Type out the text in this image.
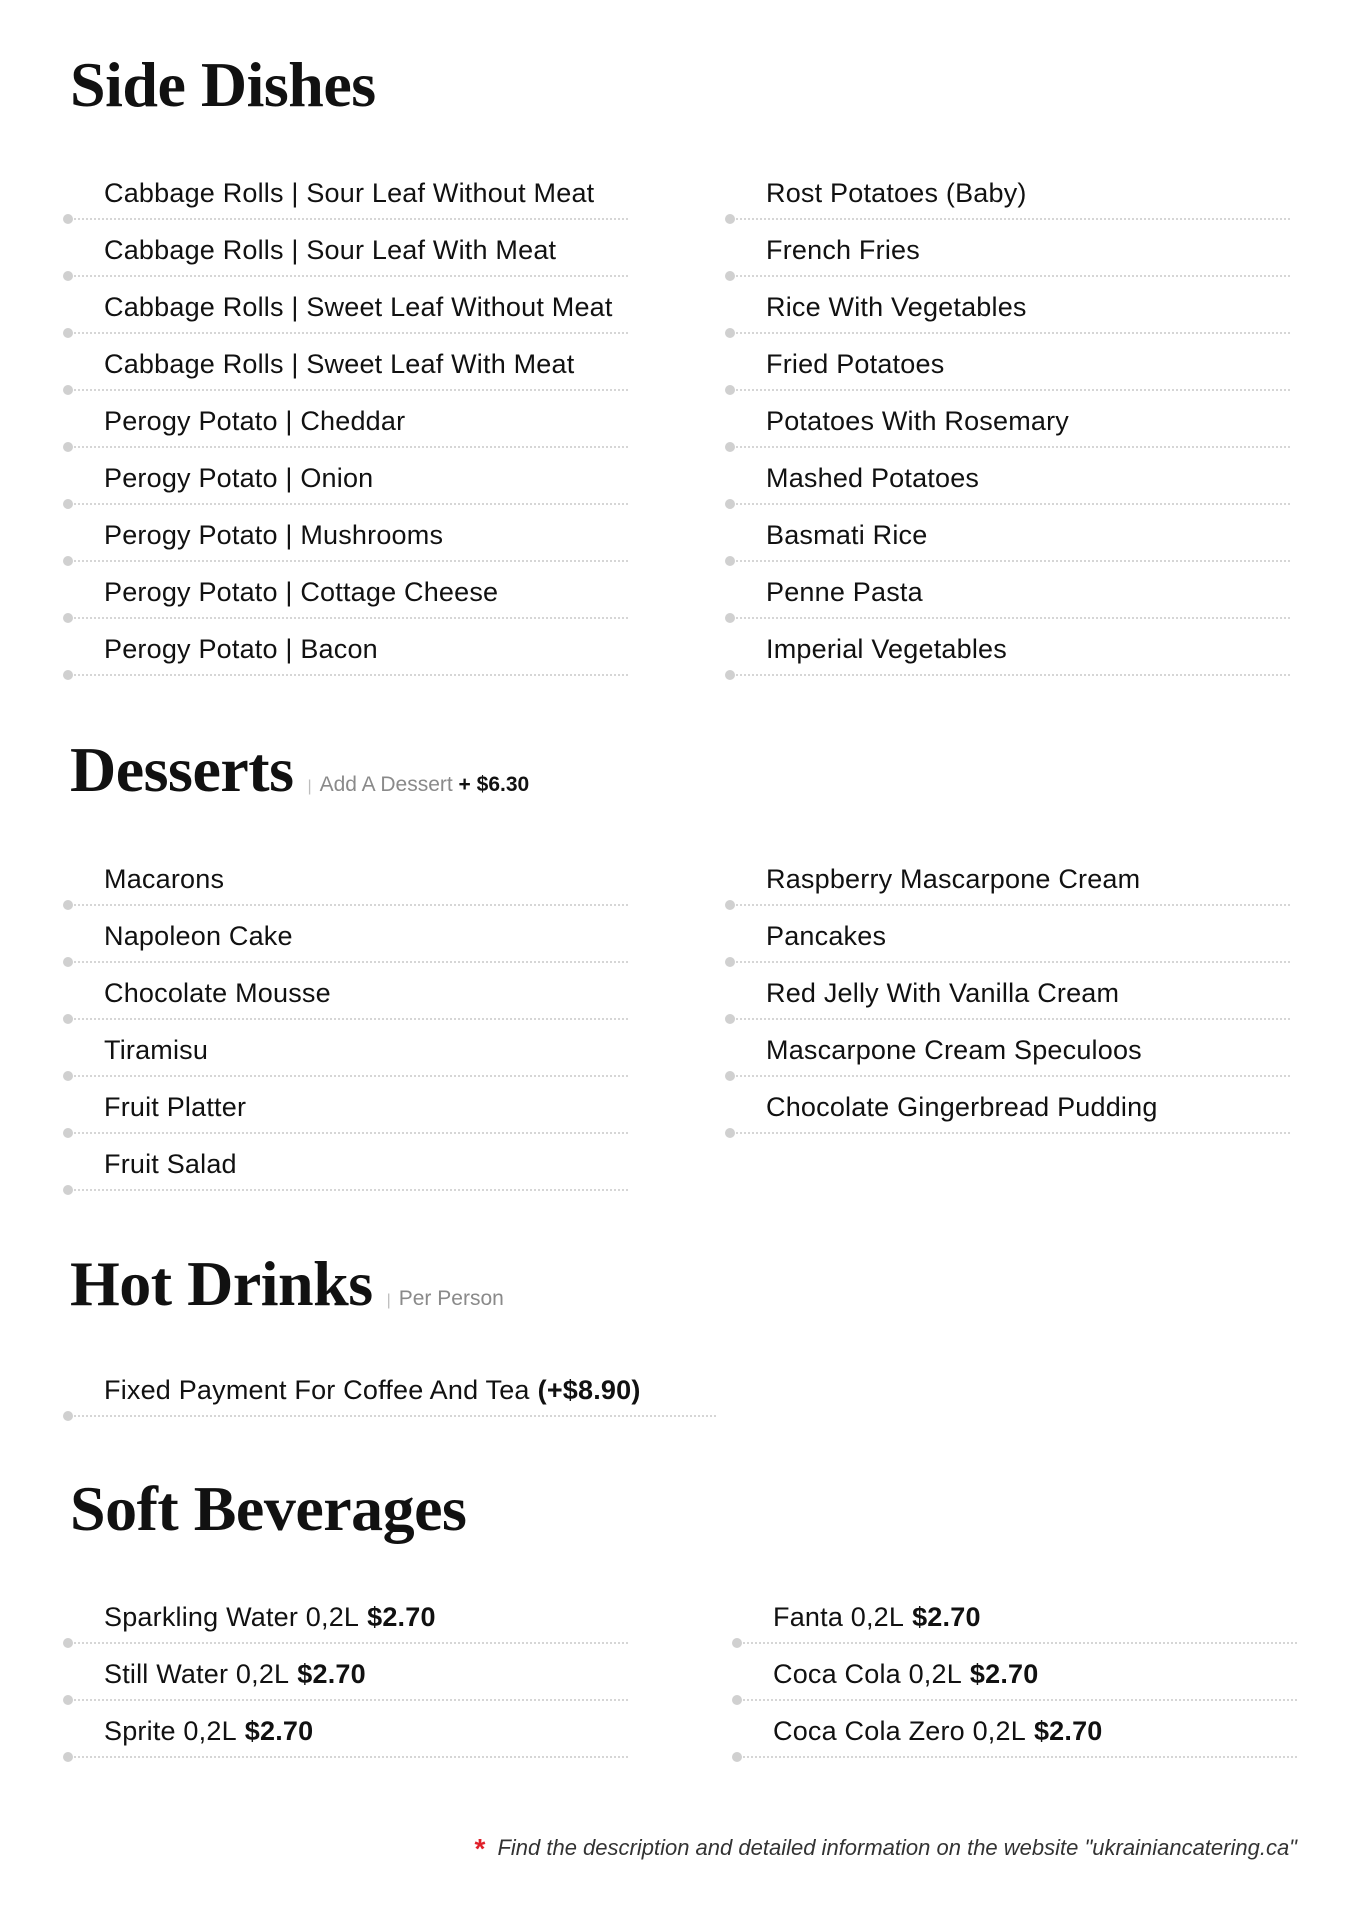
Side Dishes
Cabbage Rolls | Sour Leaf Without Meat
Cabbage Rolls | Sour Leaf With Meat
Cabbage Rolls | Sweet Leaf Without Meat
Cabbage Rolls | Sweet Leaf With Meat
Perogy Potato | Cheddar
Perogy Potato | Onion
Perogy Potato | Mushrooms
Perogy Potato | Cottage Cheese
Perogy Potato | Bacon
Rost Potatoes (Baby)
French Fries
Rice With Vegetables
Fried Potatoes
Potatoes With Rosemary
Mashed Potatoes
Basmati Rice
Penne Pasta
Imperial Vegetables
Desserts | Add A Dessert + $6.30
Macarons
Napoleon Cake
Chocolate Mousse
Tiramisu
Fruit Platter
Fruit Salad
Raspberry Mascarpone Cream
Pancakes
Red Jelly With Vanilla Cream
Mascarpone Cream Speculoos
Chocolate Gingerbread Pudding
Hot Drinks | Per Person
Fixed Payment For Coffee And Tea (+$8.90)
Soft Beverages
Sparkling Water 0,2L $2.70
Still Water 0,2L $2.70
Sprite 0,2L $2.70
Fanta 0,2L $2.70
Coca Cola 0,2L $2.70
Coca Cola Zero 0,2L $2.70
* Find the description and detailed information on the website "ukrainiancatering.ca"
